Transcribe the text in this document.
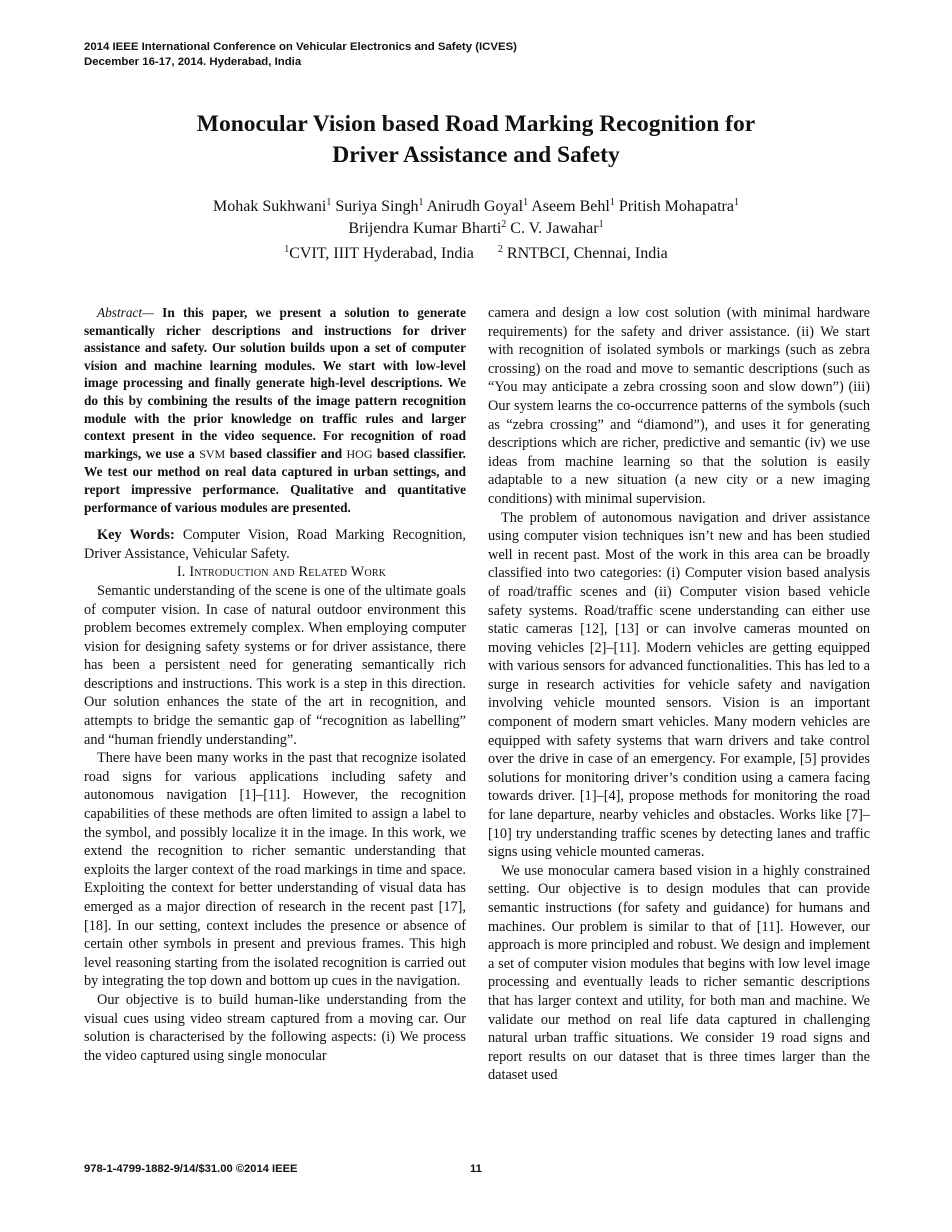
2014 IEEE International Conference on Vehicular Electronics and Safety (ICVES)
December 16-17, 2014. Hyderabad, India
Monocular Vision based Road Marking Recognition for
Driver Assistance and Safety
Mohak Sukhwani$^1$ Suriya Singh$^1$ Anirudh Goyal$^1$ Aseem Behl$^1$ Pritish Mohapatra$^1$
Brijendra Kumar Bharti$^2$ C. V. Jawahar$^1$
$^1$CVIT, IIIT Hyderabad, India $^2$ RNTBCI, Chennai, India

Abstract— In this paper, we present a solution to generate semantically richer descriptions and instructions for driver assistance and safety. Our solution builds upon a set of computer vision and machine learning modules. We start with low-level image processing and finally generate high-level descriptions. We do this by combining the results of the image pattern recognition module with the prior knowledge on traffic rules and larger context present in the video sequence. For recognition of road markings, we use a SVM based classifier and HOG based classifier. We test our method on real data captured in urban settings, and report impressive performance. Qualitative and quantitative performance of various modules are presented.

Key Words: Computer Vision, Road Marking Recognition, Driver Assistance, Vehicular Safety.

I. Introduction and Related Work

Semantic understanding of the scene is one of the ultimate goals of computer vision. In case of natural outdoor environment this problem becomes extremely complex. When employing computer vision for designing safety systems or for driver assistance, there has been a persistent need for generating semantically rich descriptions and instructions. This work is a step in this direction. Our solution enhances the state of the art in recognition, and attempts to bridge the semantic gap of “recognition as labelling” and “human friendly understanding”.

There have been many works in the past that recognize isolated road signs for various applications including safety and autonomous navigation [1]–[11]. However, the recognition capabilities of these methods are often limited to assign a label to the symbol, and possibly localize it in the image. In this work, we extend the recognition to richer semantic understanding that exploits the larger context of the road markings in time and space. Exploiting the context for better understanding of visual data has emerged as a major direction of research in the recent past [17], [18]. In our setting, context includes the presence or absence of certain other symbols in present and previous frames. This high level reasoning starting from the isolated recognition is carried out by integrating the top down and bottom up cues in the navigation.

Our objective is to build human-like understanding from the visual cues using video stream captured from a moving car. Our solution is characterised by the following aspects: (i) We process the video captured using single monocular

camera and design a low cost solution (with minimal hardware requirements) for the safety and driver assistance. (ii) We start with recognition of isolated symbols or markings (such as zebra crossing) on the road and move to semantic descriptions (such as “You may anticipate a zebra crossing soon and slow down”) (iii) Our system learns the co-occurrence patterns of the symbols (such as “zebra crossing” and “diamond”), and uses it for generating descriptions which are richer, predictive and semantic (iv) we use ideas from machine learning so that the solution is easily adaptable to a new situation (a new city or a new imaging conditions) with minimal supervision.

The problem of autonomous navigation and driver assistance using computer vision techniques isn’t new and has been studied well in recent past. Most of the work in this area can be broadly classified into two categories: (i) Computer vision based analysis of road/traffic scenes and (ii) Computer vision based vehicle safety systems. Road/traffic scene understanding can either use static cameras [12], [13] or can involve cameras mounted on moving vehicles [2]–[11]. Modern vehicles are getting equipped with various sensors for advanced functionalities. This has led to a surge in research activities for vehicle safety and navigation involving vehicle mounted sensors. Vision is an important component of modern smart vehicles. Many modern vehicles are equipped with safety systems that warn drivers and take control over the drive in case of an emergency. For example, [5] provides solutions for monitoring driver’s condition using a camera facing towards driver. [1]–[4], propose methods for monitoring the road for lane departure, nearby vehicles and obstacles. Works like [7]–[10] try understanding traffic scenes by detecting lanes and traffic signs using vehicle mounted cameras.

We use monocular camera based vision in a highly constrained setting. Our objective is to design modules that can provide semantic instructions (for safety and guidance) for humans and machines. Our problem is similar to that of [11]. However, our approach is more principled and robust. We design and implement a set of computer vision modules that begins with low level image processing and eventually leads to richer semantic descriptions that has larger context and utility, for both man and machine. We validate our method on real life data captured in challenging natural urban traffic situations. We consider 19 road signs and report results on our dataset that is three times larger than the dataset used

978-1-4799-1882-9/14/$31.00 ©2014 IEEE	11
